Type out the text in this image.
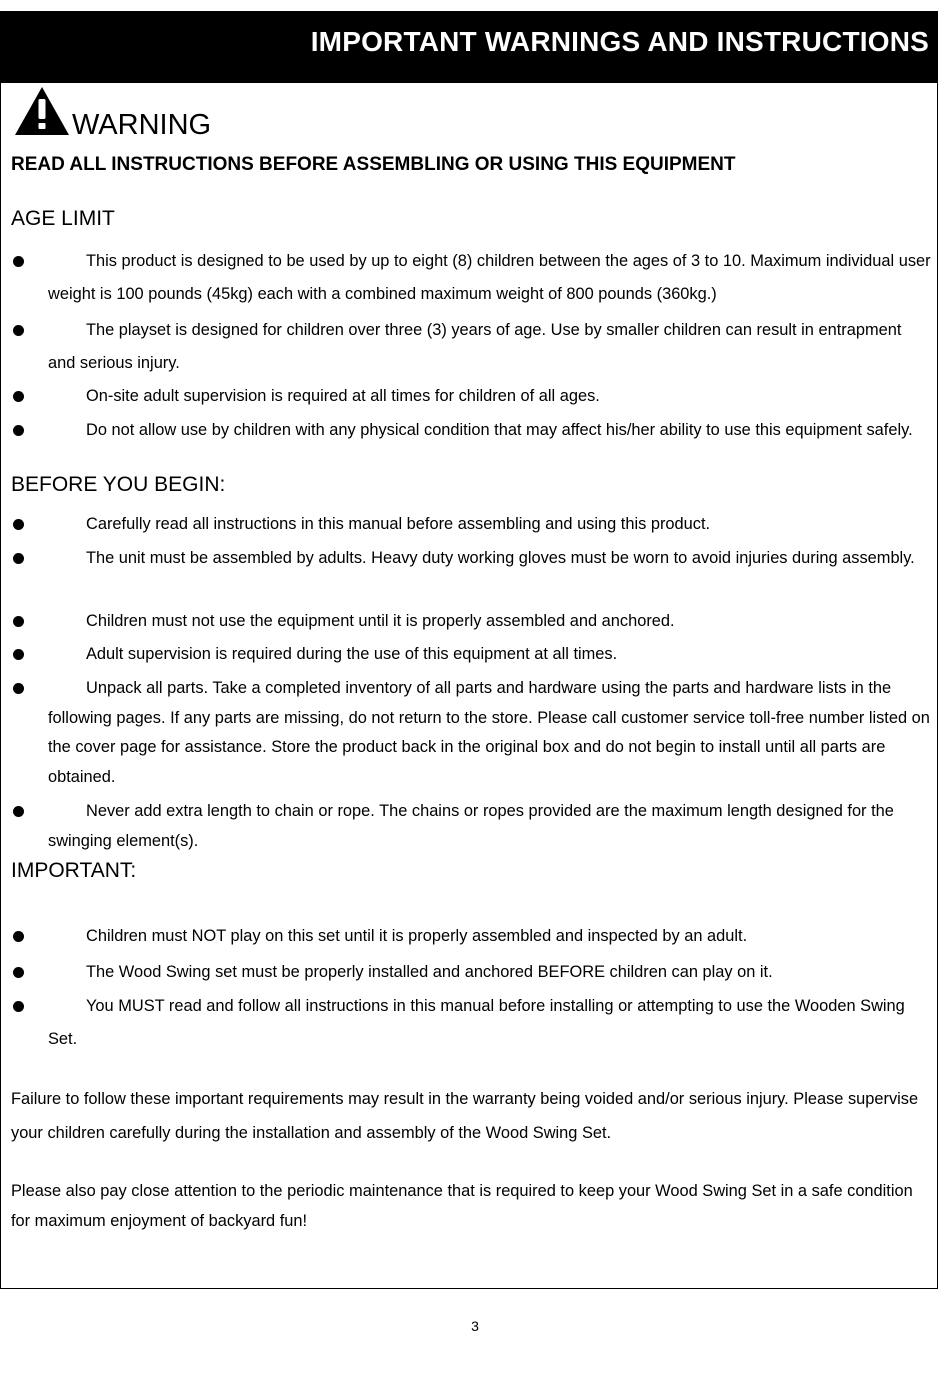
IMPORTANT WARNINGS AND INSTRUCTIONS
WARNING
READ ALL INSTRUCTIONS BEFORE ASSEMBLING OR USING THIS EQUIPMENT
AGE LIMIT

This product is designed to be used by up to eight (8) children between the ages of 3 to 10. Maximum individual user weight is 100 pounds (45kg) each with a combined maximum weight of 800 pounds (360kg.)

The playset is designed for children over three (3) years of age. Use by smaller children can result in entrapment and serious injury.

On-site adult supervision is required at all times for children of all ages.

Do not allow use by children with any physical condition that may affect his/her ability to use this equipment safely.

BEFORE YOU BEGIN:

Carefully read all instructions in this manual before assembling and using this product.

The unit must be assembled by adults. Heavy duty working gloves must be worn to avoid injuries during assembly.

Children must not use the equipment until it is properly assembled and anchored.

Adult supervision is required during the use of this equipment at all times.

Unpack all parts. Take a completed inventory of all parts and hardware using the parts and hardware lists in the following pages. If any parts are missing, do not return to the store. Please call customer service toll-free number listed on the cover page for assistance. Store the product back in the original box and do not begin to install until all parts are obtained.

Never add extra length to chain or rope. The chains or ropes provided are the maximum length designed for the swinging element(s).

IMPORTANT:

Children must NOT play on this set until it is properly assembled and inspected by an adult.

The Wood Swing set must be properly installed and anchored BEFORE children can play on it.

You MUST read and follow all instructions in this manual before installing or attempting to use the Wooden Swing Set.

Failure to follow these important requirements may result in the warranty being voided and/or serious injury. Please supervise your children carefully during the installation and assembly of the Wood Swing Set.

Please also pay close attention to the periodic maintenance that is required to keep your Wood Swing Set in a safe condition for maximum enjoyment of backyard fun!

3
